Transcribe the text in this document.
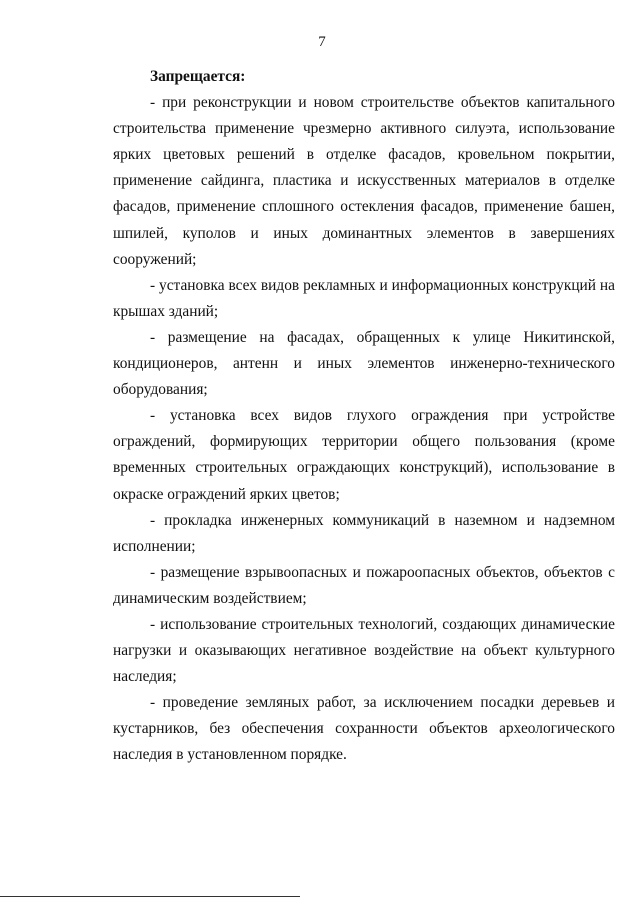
7

Запрещается:

- при реконструкции и новом строительстве объектов капитального строительства применение чрезмерно активного силуэта, использование ярких цветовых решений в отделке фасадов, кровельном покрытии, применение сайдинга, пластика и искусственных материалов в отделке фасадов, применение сплошного остекления фасадов, применение башен, шпилей, куполов и иных доминантных элементов в завершениях сооружений;

- установка всех видов рекламных и информационных конструкций на крышах зданий;

- размещение на фасадах, обращенных к улице Никитинской, кондиционеров, антенн и иных элементов инженерно-технического оборудования;

- установка всех видов глухого ограждения при устройстве ограждений, формирующих территории общего пользования (кроме временных строительных ограждающих конструкций), использование в окраске ограждений ярких цветов;

- прокладка инженерных коммуникаций в наземном и надземном исполнении;

- размещение взрывоопасных и пожароопасных объектов, объектов с динамическим воздействием;

- использование строительных технологий, создающих динамические нагрузки и оказывающих негативное воздействие на объект культурного наследия;

- проведение земляных работ, за исключением посадки деревьев и кустарников, без обеспечения сохранности объектов археологического наследия в установленном порядке.
